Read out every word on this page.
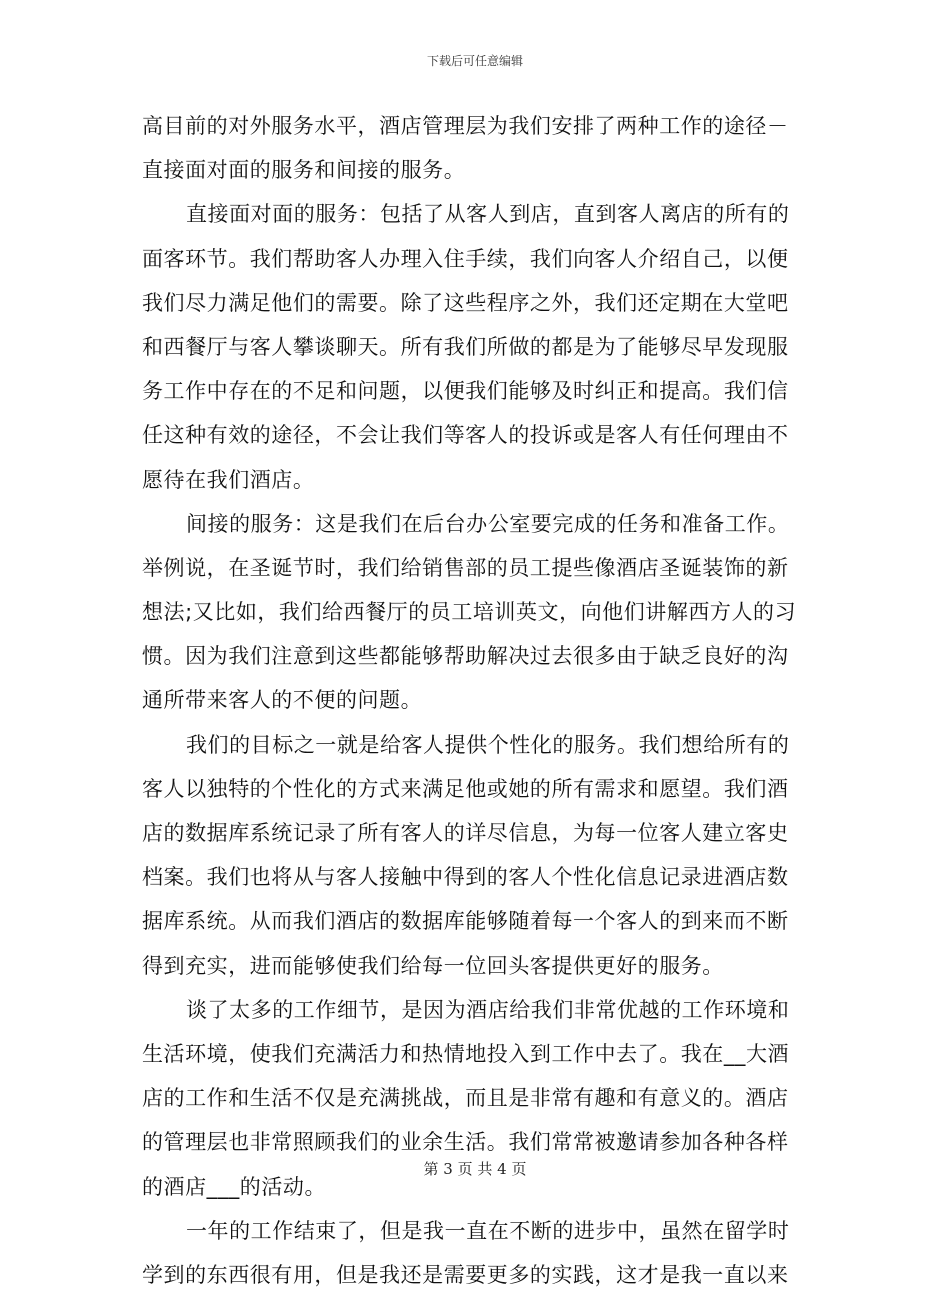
下载后可任意编辑
高目前的对外服务水平，酒店管理层为我们安排了两种工作的途径－
直接面对面的服务和间接的服务。
直接面对面的服务：包括了从客人到店，直到客人离店的所有的
面客环节。我们帮助客人办理入住手续，我们向客人介绍自己，以便
我们尽力满足他们的需要。除了这些程序之外，我们还定期在大堂吧
和西餐厅与客人攀谈聊天。所有我们所做的都是为了能够尽早发现服
务工作中存在的不足和问题，以便我们能够及时纠正和提高。我们信
任这种有效的途径，不会让我们等客人的投诉或是客人有任何理由不
愿待在我们酒店。
间接的服务：这是我们在后台办公室要完成的任务和准备工作。
举例说，在圣诞节时，我们给销售部的员工提些像酒店圣诞装饰的新
想法;又比如，我们给西餐厅的员工培训英文，向他们讲解西方人的习
惯。因为我们注意到这些都能够帮助解决过去很多由于缺乏良好的沟
通所带来客人的不便的问题。
我们的目标之一就是给客人提供个性化的服务。我们想给所有的
客人以独特的个性化的方式来满足他或她的所有需求和愿望。我们酒
店的数据库系统记录了所有客人的详尽信息，为每一位客人建立客史
档案。我们也将从与客人接触中得到的客人个性化信息记录进酒店数
据库系统。从而我们酒店的数据库能够随着每一个客人的到来而不断
得到充实，进而能够使我们给每一位回头客提供更好的服务。
谈了太多的工作细节，是因为酒店给我们非常优越的工作环境和
生活环境，使我们充满活力和热情地投入到工作中去了。我在__大酒
店的工作和生活不仅是充满挑战，而且是非常有趣和有意义的。酒店
的管理层也非常照顾我们的业余生活。我们常常被邀请参加各种各样
的酒店___的活动。
一年的工作结束了，但是我一直在不断的进步中，虽然在留学时
学到的东西很有用，但是我还是需要更多的实践，这才是我一直以来
第 3 页 共 4 页
